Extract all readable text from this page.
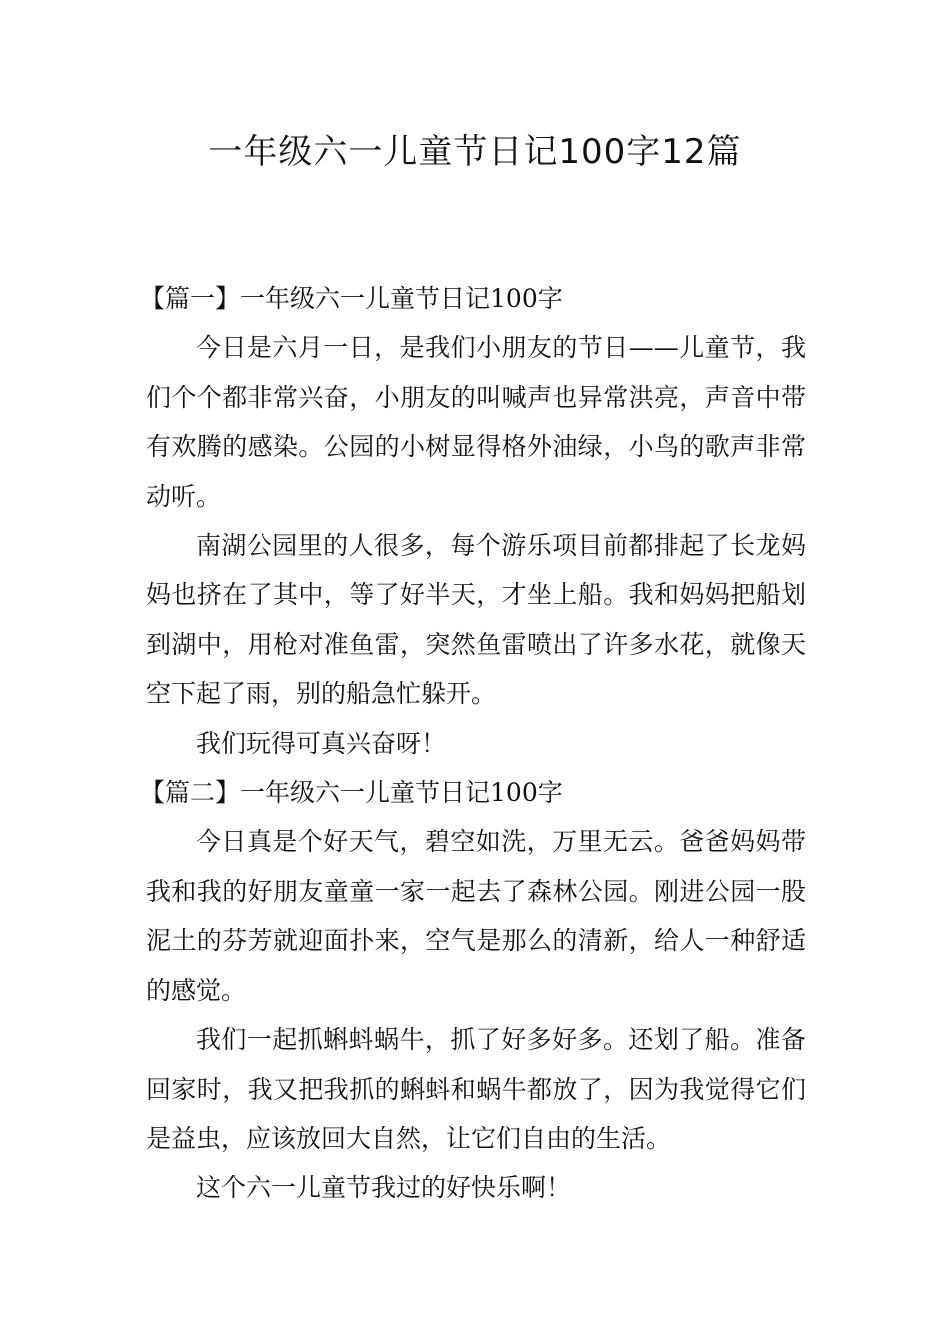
一年级六一儿童节日记100字12篇

【篇一】一年级六一儿童节日记100字

今日是六月一日，是我们小朋友的节日——儿童节，我们个个都非常兴奋，小朋友的叫喊声也异常洪亮，声音中带有欢腾的感染。公园的小树显得格外油绿，小鸟的歌声非常动听。

南湖公园里的人很多，每个游乐项目前都排起了长龙妈妈也挤在了其中，等了好半天，才坐上船。我和妈妈把船划到湖中，用枪对准鱼雷，突然鱼雷喷出了许多水花，就像天空下起了雨，别的船急忙躲开。

我们玩得可真兴奋呀！

【篇二】一年级六一儿童节日记100字

今日真是个好天气，碧空如洗，万里无云。爸爸妈妈带我和我的好朋友童童一家一起去了森林公园。刚进公园一股泥土的芬芳就迎面扑来，空气是那么的清新，给人一种舒适的感觉。

我们一起抓蝌蚪蜗牛，抓了好多好多。还划了船。准备回家时，我又把我抓的蝌蚪和蜗牛都放了，因为我觉得它们是益虫，应该放回大自然，让它们自由的生活。

这个六一儿童节我过的好快乐啊！
